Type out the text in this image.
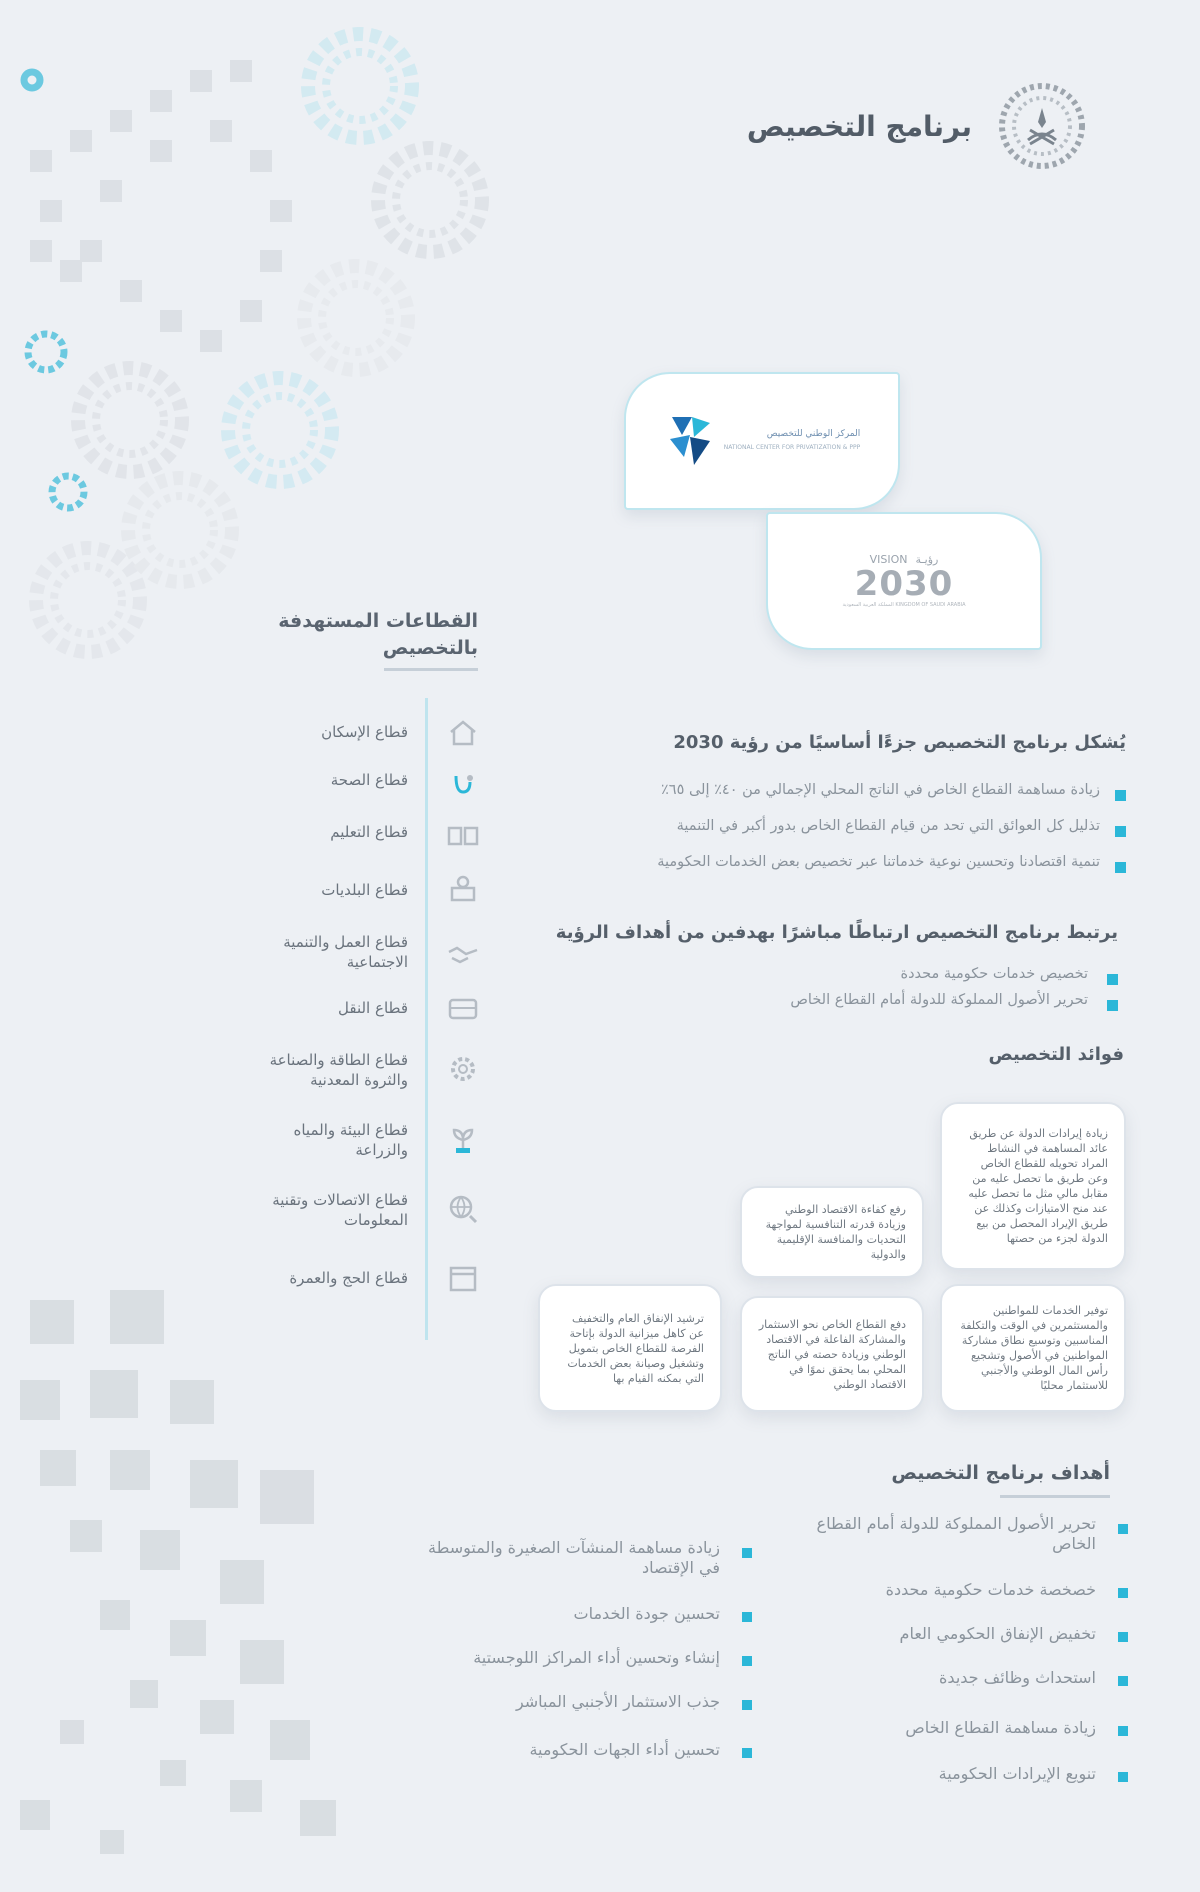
برنامج التخصيص
المركز الوطني للتخصيص
NATIONAL CENTER FOR PRIVATIZATION & PPP
VISION رؤيـة
2030
المملكة العربية السعودية KINGDOM OF SAUDI ARABIA
القطاعات المستهدفة
بالتخصيص
قطاع الإسكان
قطاع الصحة
قطاع التعليم
قطاع البلديات
قطاع العمل والتنمية الاجتماعية
قطاع النقل
قطاع الطاقة والصناعة والثروة المعدنية
قطاع البيئة والمياه والزراعة
قطاع الاتصالات وتقنية المعلومات
قطاع الحج والعمرة
يُشكل برنامج التخصيص جزءًا أساسيًا من رؤية 2030
زيادة مساهمة القطاع الخاص في الناتج المحلي الإجمالي من ٤٠٪ إلى ٦٥٪
تذليل كل العوائق التي تحد من قيام القطاع الخاص بدور أكبر في التنمية
تنمية اقتصادنا وتحسين نوعية خدماتنا عبر تخصيص بعض الخدمات الحكومية
يرتبط برنامج التخصيص ارتباطًا مباشرًا بهدفين من أهداف الرؤية
تخصيص خدمات حكومية محددة
تحرير الأصول المملوكة للدولة أمام القطاع الخاص
فوائد التخصيص
زيادة إيرادات الدولة عن طريق عائد المساهمة في النشاط المراد تحويله للقطاع الخاص وعن طريق ما تحصل عليه من مقابل مالي مثل ما تحصل عليه عند منح الامتيازات وكذلك عن طريق الإيراد المحصل من بيع الدولة لجزء من حصتها
رفع كفاءة الاقتصاد الوطني وزيادة قدرته التنافسية لمواجهة التحديات والمنافسة الإقليمية والدولية
توفير الخدمات للمواطنين والمستثمرين في الوقت والتكلفة المناسبين وتوسيع نطاق مشاركة المواطنين في الأصول وتشجيع رأس المال الوطني والأجنبي للاستثمار محليًا
دفع القطاع الخاص نحو الاستثمار والمشاركة الفاعلة في الاقتصاد الوطني وزيادة حصته في الناتج المحلي بما يحقق نموًا في الاقتصاد الوطني
ترشيد الإنفاق العام والتخفيف عن كاهل ميزانية الدولة بإتاحة الفرصة للقطاع الخاص بتمويل وتشغيل وصيانة بعض الخدمات التي بمكنه القيام بها
أهداف برنامج التخصيص
تحرير الأصول المملوكة للدولة أمام القطاع الخاص
خصخصة خدمات حكومية محددة
تخفيض الإنفاق الحكومي العام
استحداث وظائف جديدة
زيادة مساهمة القطاع الخاص
تنويع الإيرادات الحكومية
زيادة مساهمة المنشآت الصغيرة والمتوسطة في الإقتصاد
تحسين جودة الخدمات
إنشاء وتحسين أداء المراكز اللوجستية
جذب الاستثمار الأجنبي المباشر
تحسين أداء الجهات الحكومية
